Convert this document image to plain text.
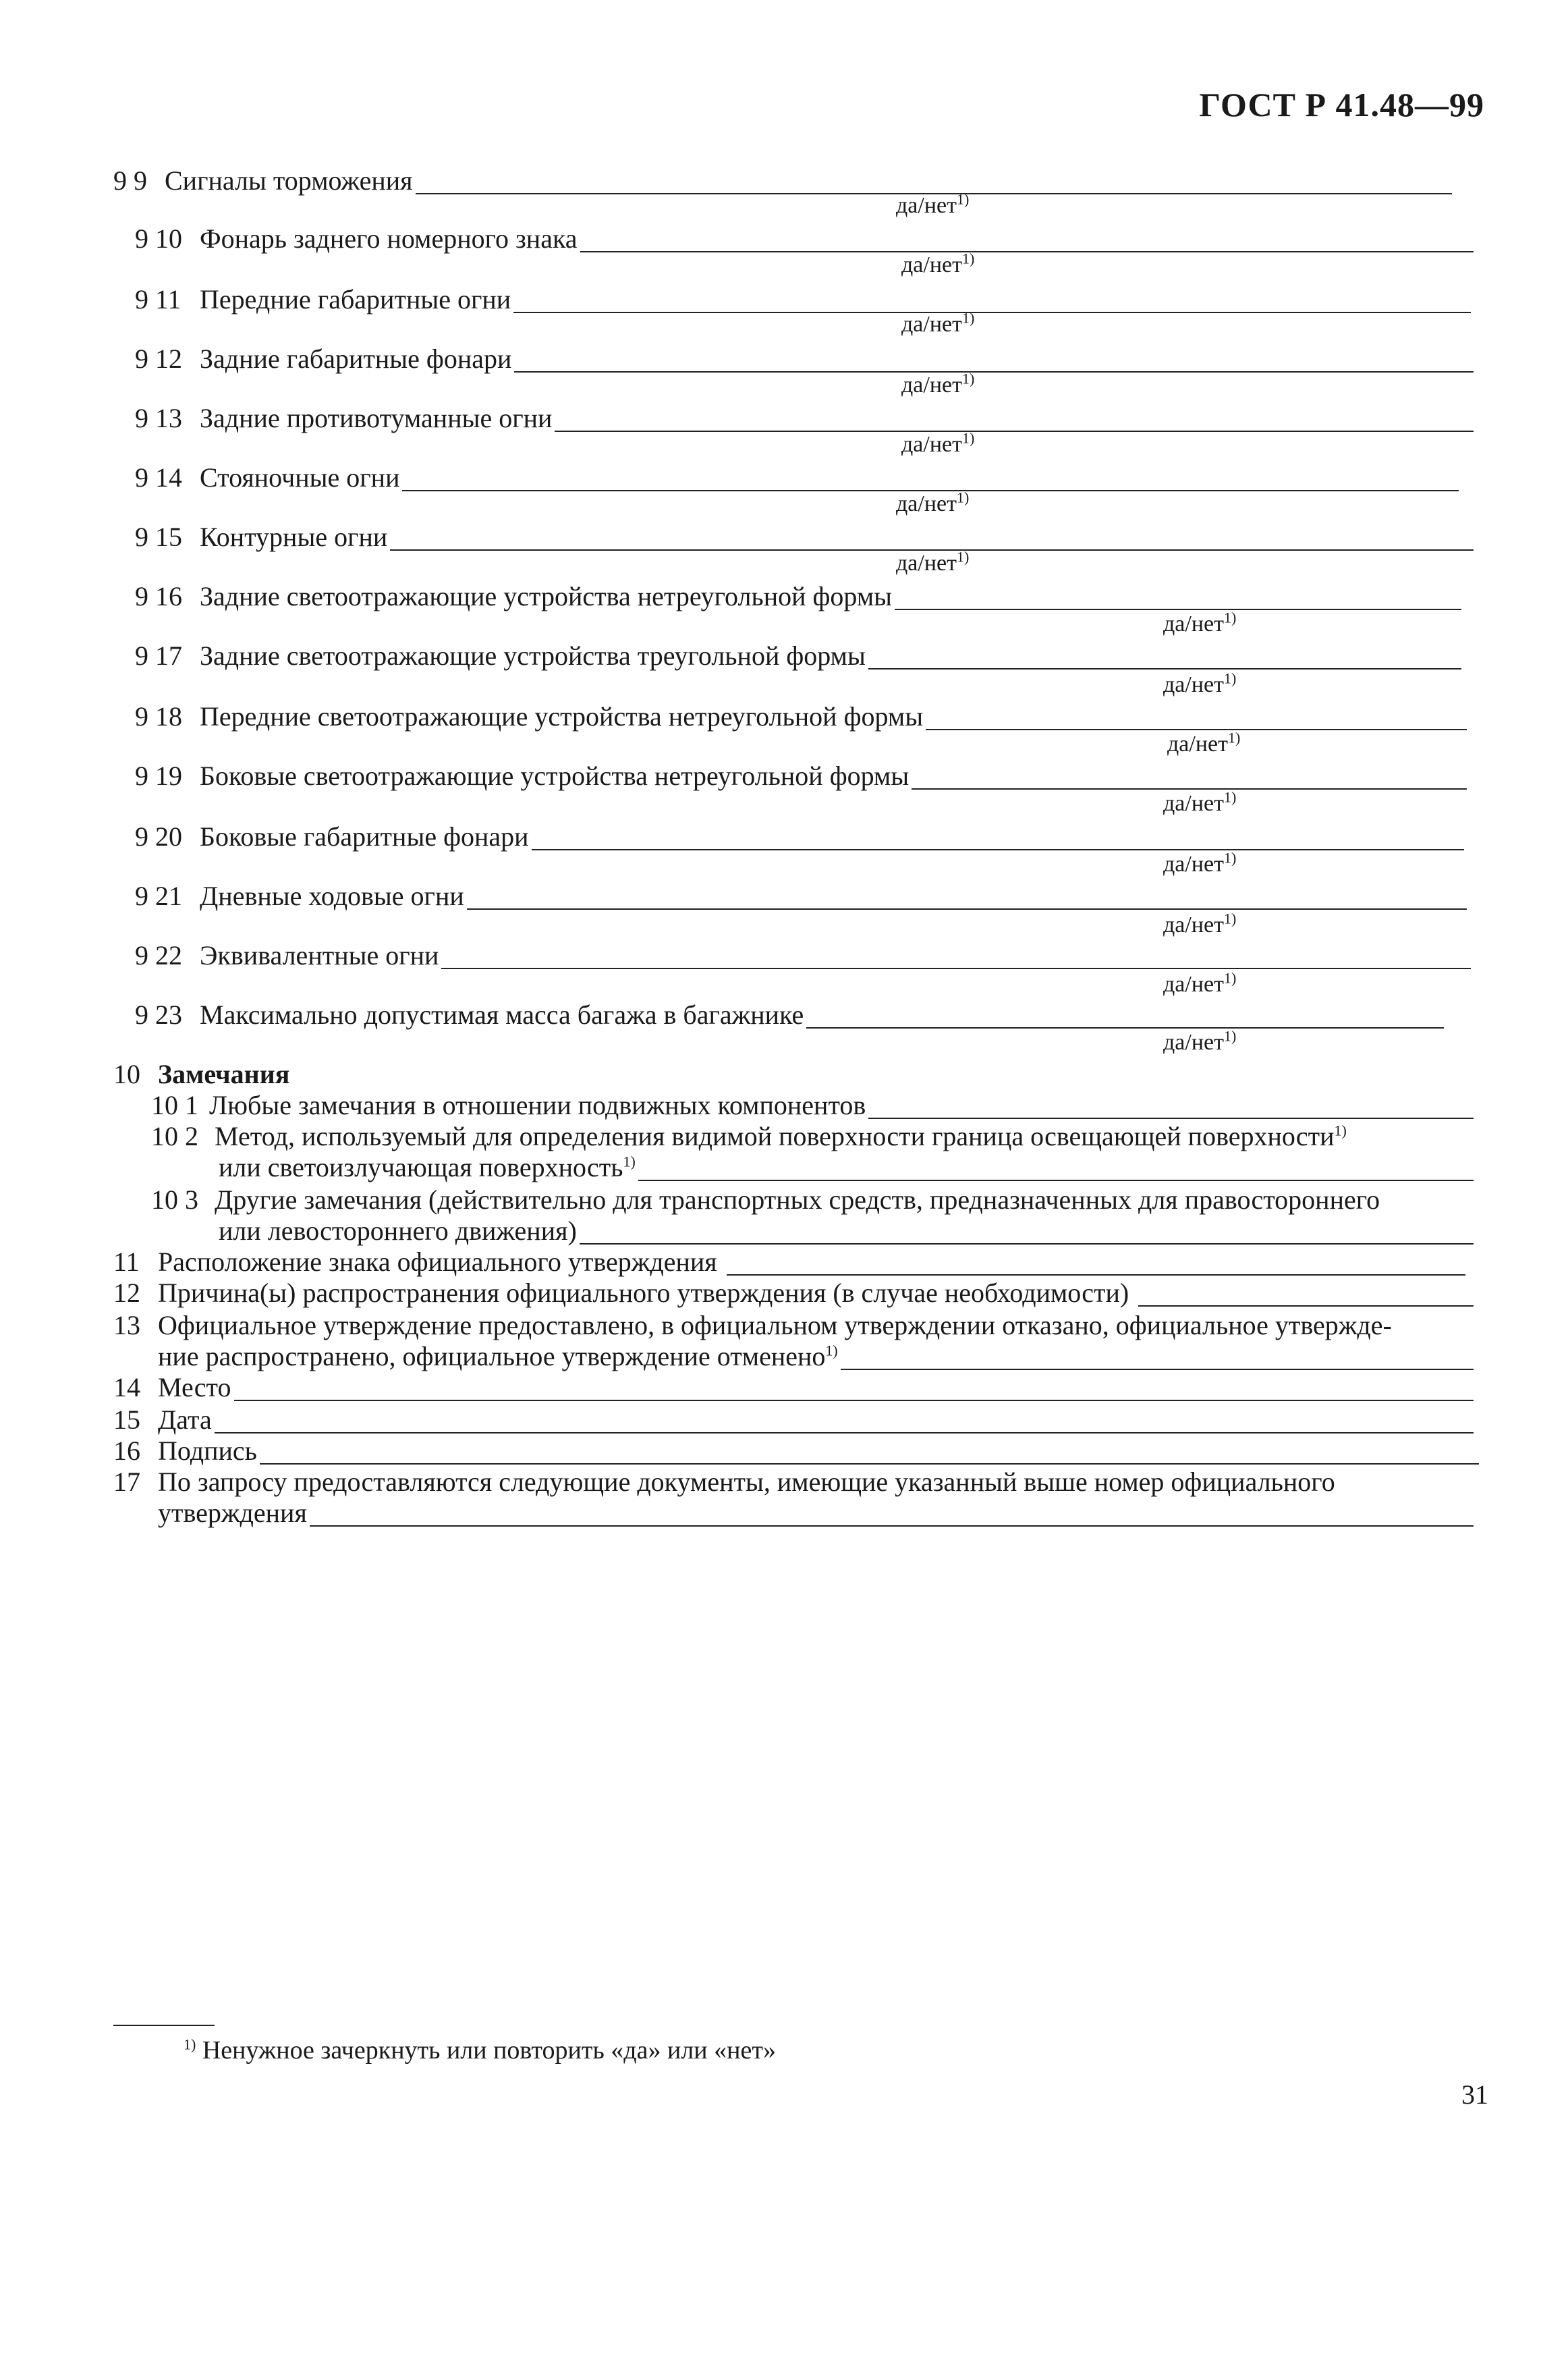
ГОСТ Р 41.48—99
9 9 Сигналы торможения
да/нет$^{1)}$
9 10 Фонарь заднего номерного знака
да/нет$^{1)}$
9 11 Передние габаритные огни
да/нет$^{1)}$
9 12 Задние габаритные фонари
да/нет$^{1)}$
9 13 Задние противотуманные огни
да/нет$^{1)}$
9 14 Стояночные огни
да/нет$^{1)}$
9 15 Контурные огни
да/нет$^{1)}$
9 16 Задние светоотражающие устройства нетреугольной формы
да/нет$^{1)}$
9 17 Задние светоотражающие устройства треугольной формы
да/нет$^{1)}$
9 18 Передние светоотражающие устройства нетреугольной формы
да/нет$^{1)}$
9 19 Боковые светоотражающие устройства нетреугольной формы
да/нет$^{1)}$
9 20 Боковые габаритные фонари
да/нет$^{1)}$
9 21 Дневные ходовые огни
да/нет$^{1)}$
9 22 Эквивалентные огни
да/нет$^{1)}$
9 23 Максимально допустимая масса багажа в багажнике
да/нет$^{1)}$
10 Замечания
10 1 Любые замечания в отношении подвижных компонентов
10 2 Метод, используемый для определения видимой поверхности граница освещающей поверхности$^{1)}$
или светоизлучающая поверхность$^{1)}$
10 3 Другие замечания (действительно для транспортных средств, предназначенных для правостороннего
или левостороннего движения)
11 Расположение знака официального утверждения
12 Причина(ы) распространения официального утверждения (в случае необходимости)
13 Официальное утверждение предоставлено, в официальном утверждении отказано, официальное утвержде-
ние распространено, официальное утверждение отменено$^{1)}$
14 Место
15 Дата
16 Подпись
17 По запросу предоставляются следующие документы, имеющие указанный выше номер официального
утверждения
$^{1)}$ Ненужное зачеркнуть или повторить «да» или «нет»
31
